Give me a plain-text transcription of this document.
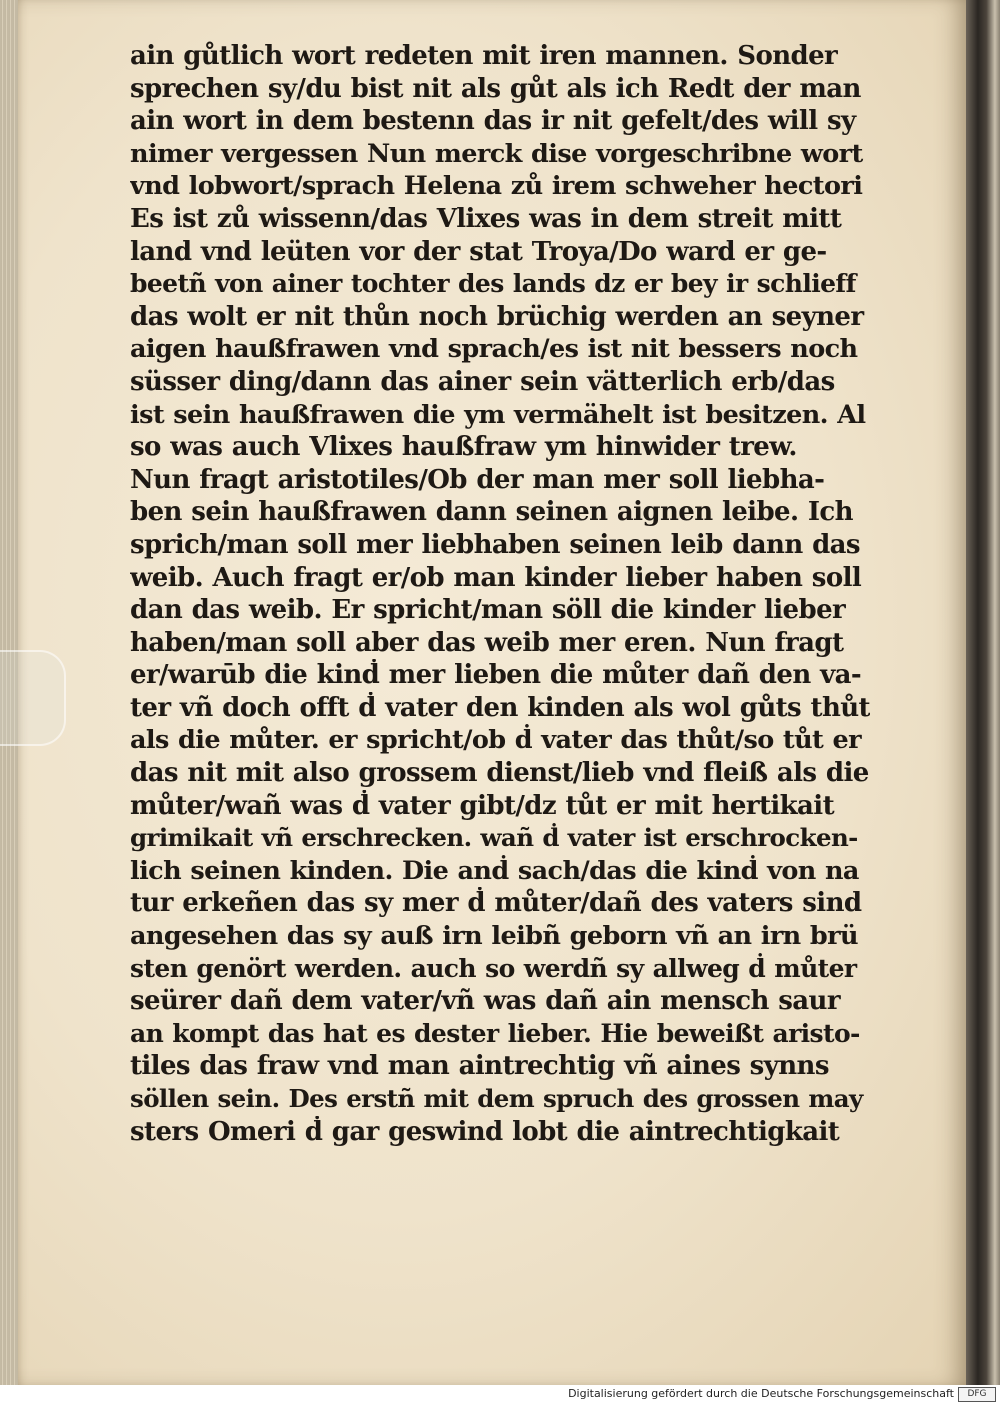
ain gůtlich wort redeten mit iren mannen. Sonder
sprechen sy/du bist nit als gůt als ich Redt der man
ain wort in dem bestenn das ir nit gefelt/des will sy
nimer vergessen Nun merck dise vorgeschribne wort
vnd lobwort/sprach Helena zů irem schweher hectori
Es ist zů wissenn/das Vlixes was in dem streit mitt
land vnd leüten vor der stat Troya/Do ward er ge-
beetñ von ainer tochter des lands dz er bey ir schlieff
das wolt er nit thůn noch brüchig werden an seyner
aigen haußfrawen vnd sprach/es ist nit bessers noch
süsser ding/dann das ainer sein vätterlich erb/das
ist sein haußfrawen die ym vermähelt ist besitzen. Al
so was auch Vlixes haußfraw ym hinwider trew.
Nun fragt aristotiles/Ob der man mer soll liebha-
ben sein haußfrawen dann seinen aignen leibe. Ich
sprich/man soll mer liebhaben seinen leib dann das
weib. Auch fragt er/ob man kinder lieber haben soll
dan das weib. Er spricht/man söll die kinder lieber
haben/man soll aber das weib mer eren. Nun fragt
er/warūb die kinḋ mer lieben die můter dañ den va-
ter vñ doch offt ḋ vater den kinden als wol gůts thůt
als die můter. er spricht/ob ḋ vater das thůt/so tůt er
das nit mit also grossem dienst/lieb vnd fleiß als die
můter/wañ was ḋ vater gibt/dz tůt er mit hertikait
grimikait vñ erschrecken. wañ ḋ vater ist erschrocken-
lich seinen kinden. Die anḋ sach/das die kinḋ von na
tur erkeñen das sy mer ḋ můter/dañ des vaters sind
angesehen das sy auß irn leibñ geborn vñ an irn brü
sten genört werden. auch so werdñ sy allweg ḋ můter
seürer dañ dem vater/vñ was dañ ain mensch saur
an kompt das hat es dester lieber. Hie beweißt aristo-
tiles das fraw vnd man aintrechtig vñ aines synns
söllen sein. Des erstñ mit dem spruch des grossen may
sters Omeri ḋ gar geswind lobt die aintrechtigkait
Digitalisierung gefördert durch die Deutsche Forschungsgemeinschaft	DFG
